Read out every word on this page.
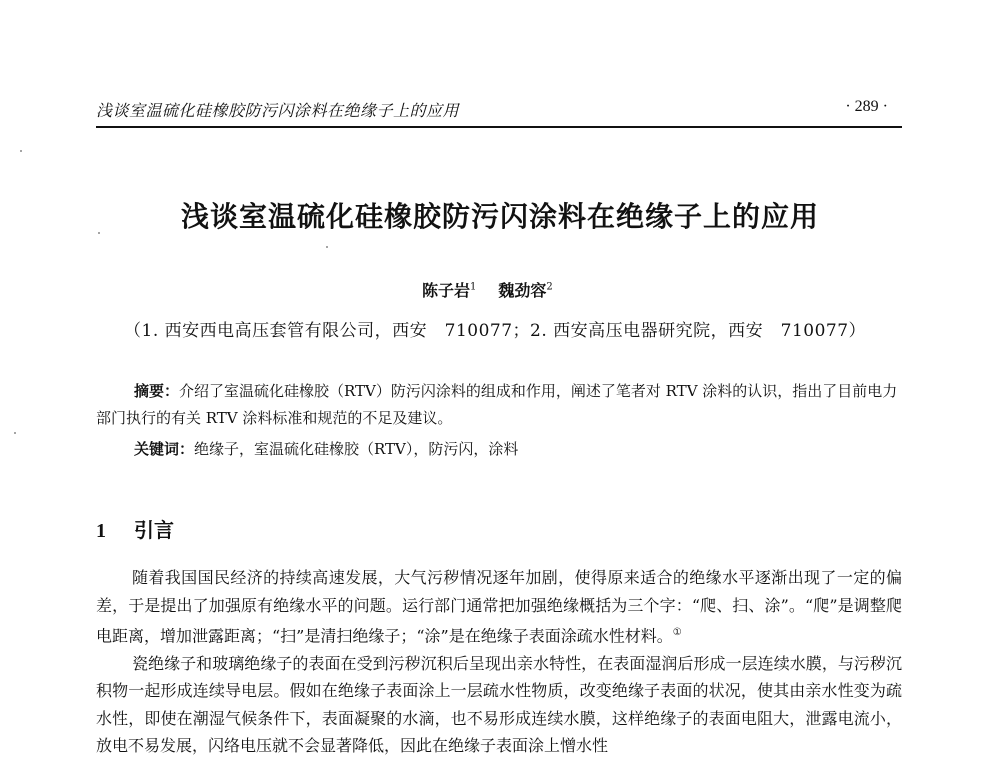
浅谈室温硫化硅橡胶防污闪涂料在绝缘子上的应用	· 289 ·
浅谈室温硫化硅橡胶防污闪涂料在绝缘子上的应用
陈子岩$^1$ 魏劲容$^2$
（1. 西安西电高压套管有限公司，西安　710077；2. 西安高压电器研究院，西安　710077）
摘要：介绍了室温硫化硅橡胶（RTV）防污闪涂料的组成和作用，阐述了笔者对 RTV 涂料的认识，指出了目前电力部门执行的有关 RTV 涂料标准和规范的不足及建议。
关键词：绝缘子，室温硫化硅橡胶（RTV），防污闪，涂料
1 引言

随着我国国民经济的持续高速发展，大气污秽情况逐年加剧，使得原来适合的绝缘水平逐渐出现了一定的偏差，于是提出了加强原有绝缘水平的问题。运行部门通常把加强绝缘概括为三个字：“爬、扫、涂”。“爬”是调整爬电距离，增加泄露距离；“扫”是清扫绝缘子；“涂”是在绝缘子表面涂疏水性材料。①

瓷绝缘子和玻璃绝缘子的表面在受到污秽沉积后呈现出亲水特性，在表面湿润后形成一层连续水膜，与污秽沉积物一起形成连续导电层。假如在绝缘子表面涂上一层疏水性物质，改变绝缘子表面的状况，使其由亲水性变为疏水性，即使在潮湿气候条件下，表面凝聚的水滴，也不易形成连续水膜，这样绝缘子的表面电阻大，泄露电流小，放电不易发展，闪络电压就不会显著降低，因此在绝缘子表面涂上憎水性
